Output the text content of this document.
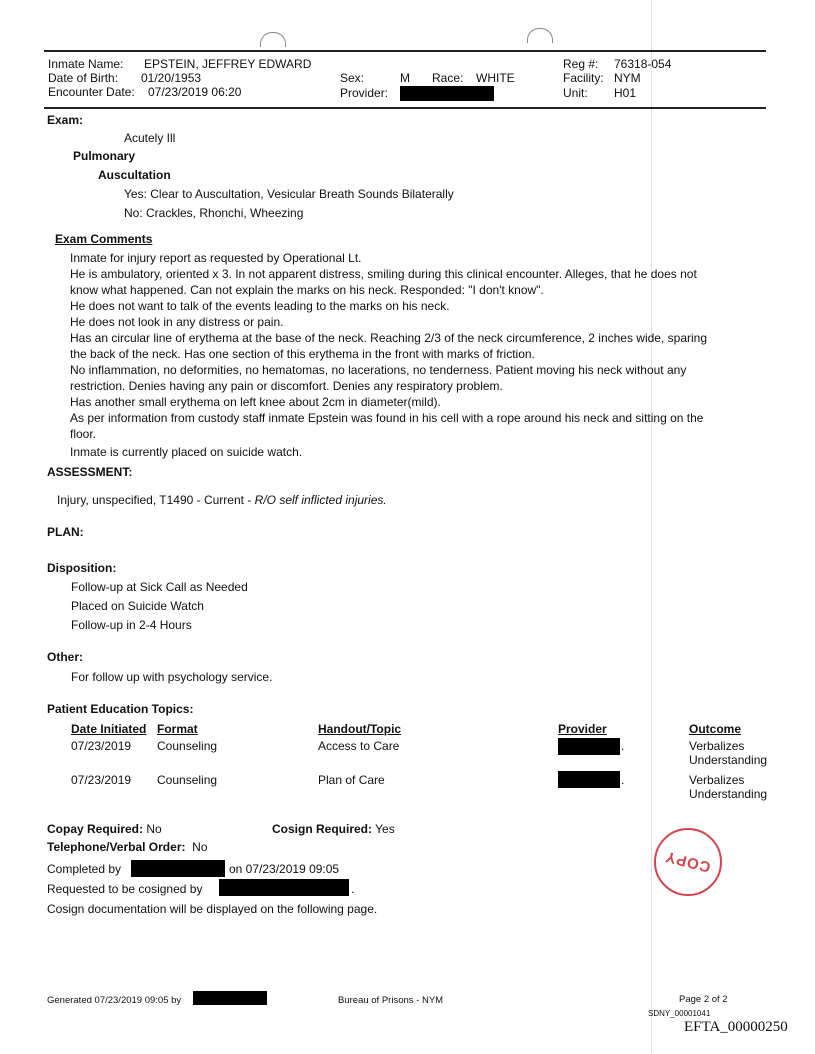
Inmate Name: EPSTEIN, JEFFREY EDWARD
Date of Birth: 01/20/1953
Encounter Date: 07/23/2019 06:20
Sex:	M Race: WHITE
Provider:
Reg #: 76318-054
Facility: NYM
Unit: H01
Exam:
Acutely Ill
Pulmonary
Auscultation
Yes: Clear to Auscultation, Vesicular Breath Sounds Bilaterally
No: Crackles, Rhonchi, Wheezing
Exam Comments
Inmate for injury report as requested by Operational Lt.
He is ambulatory, oriented x 3. In not apparent distress, smiling during this clinical encounter. Alleges, that he does not
know what happened. Can not explain the marks on his neck. Responded: "I don't know".
He does not want to talk of the events leading to the marks on his neck.
He does not look in any distress or pain.
Has an circular line of erythema at the base of the neck. Reaching 2/3 of the neck circumference, 2 inches wide, sparing
the back of the neck. Has one section of this erythema in the front with marks of friction.
No inflammation, no deformities, no hematomas, no lacerations, no tenderness. Patient moving his neck without any
restriction. Denies having any pain or discomfort. Denies any respiratory problem.
Has another small erythema on left knee about 2cm in diameter(mild).
As per information from custody staff inmate Epstein was found in his cell with a rope around his neck and sitting on the
floor.
Inmate is currently placed on suicide watch.
ASSESSMENT:
Injury, unspecified, T1490 - Current - R/O self inflicted injuries.
PLAN:
Disposition:
Follow-up at Sick Call as Needed
Placed on Suicide Watch
Follow-up in 2-4 Hours
Other:
For follow up with psychology service.
Patient Education Topics:
Date Initiated Format	Handout/Topic	Provider	Outcome
07/23/2019 Counseling	Access to Care	.	Verbalizes
Understanding
07/23/2019 Counseling	Plan of Care	.	Verbalizes
Understanding
Copay Required: No	Cosign Required: Yes
Telephone/Verbal Order: No
Completed by	on 07/23/2019 09:05
Requested to be cosigned by	.
Cosign documentation will be displayed on the following page.
COPY
Generated 07/23/2019 09:05 by	Bureau of Prisons - NYM	Page 2 of 2
SDNY_00001041
EFTA_00000250
